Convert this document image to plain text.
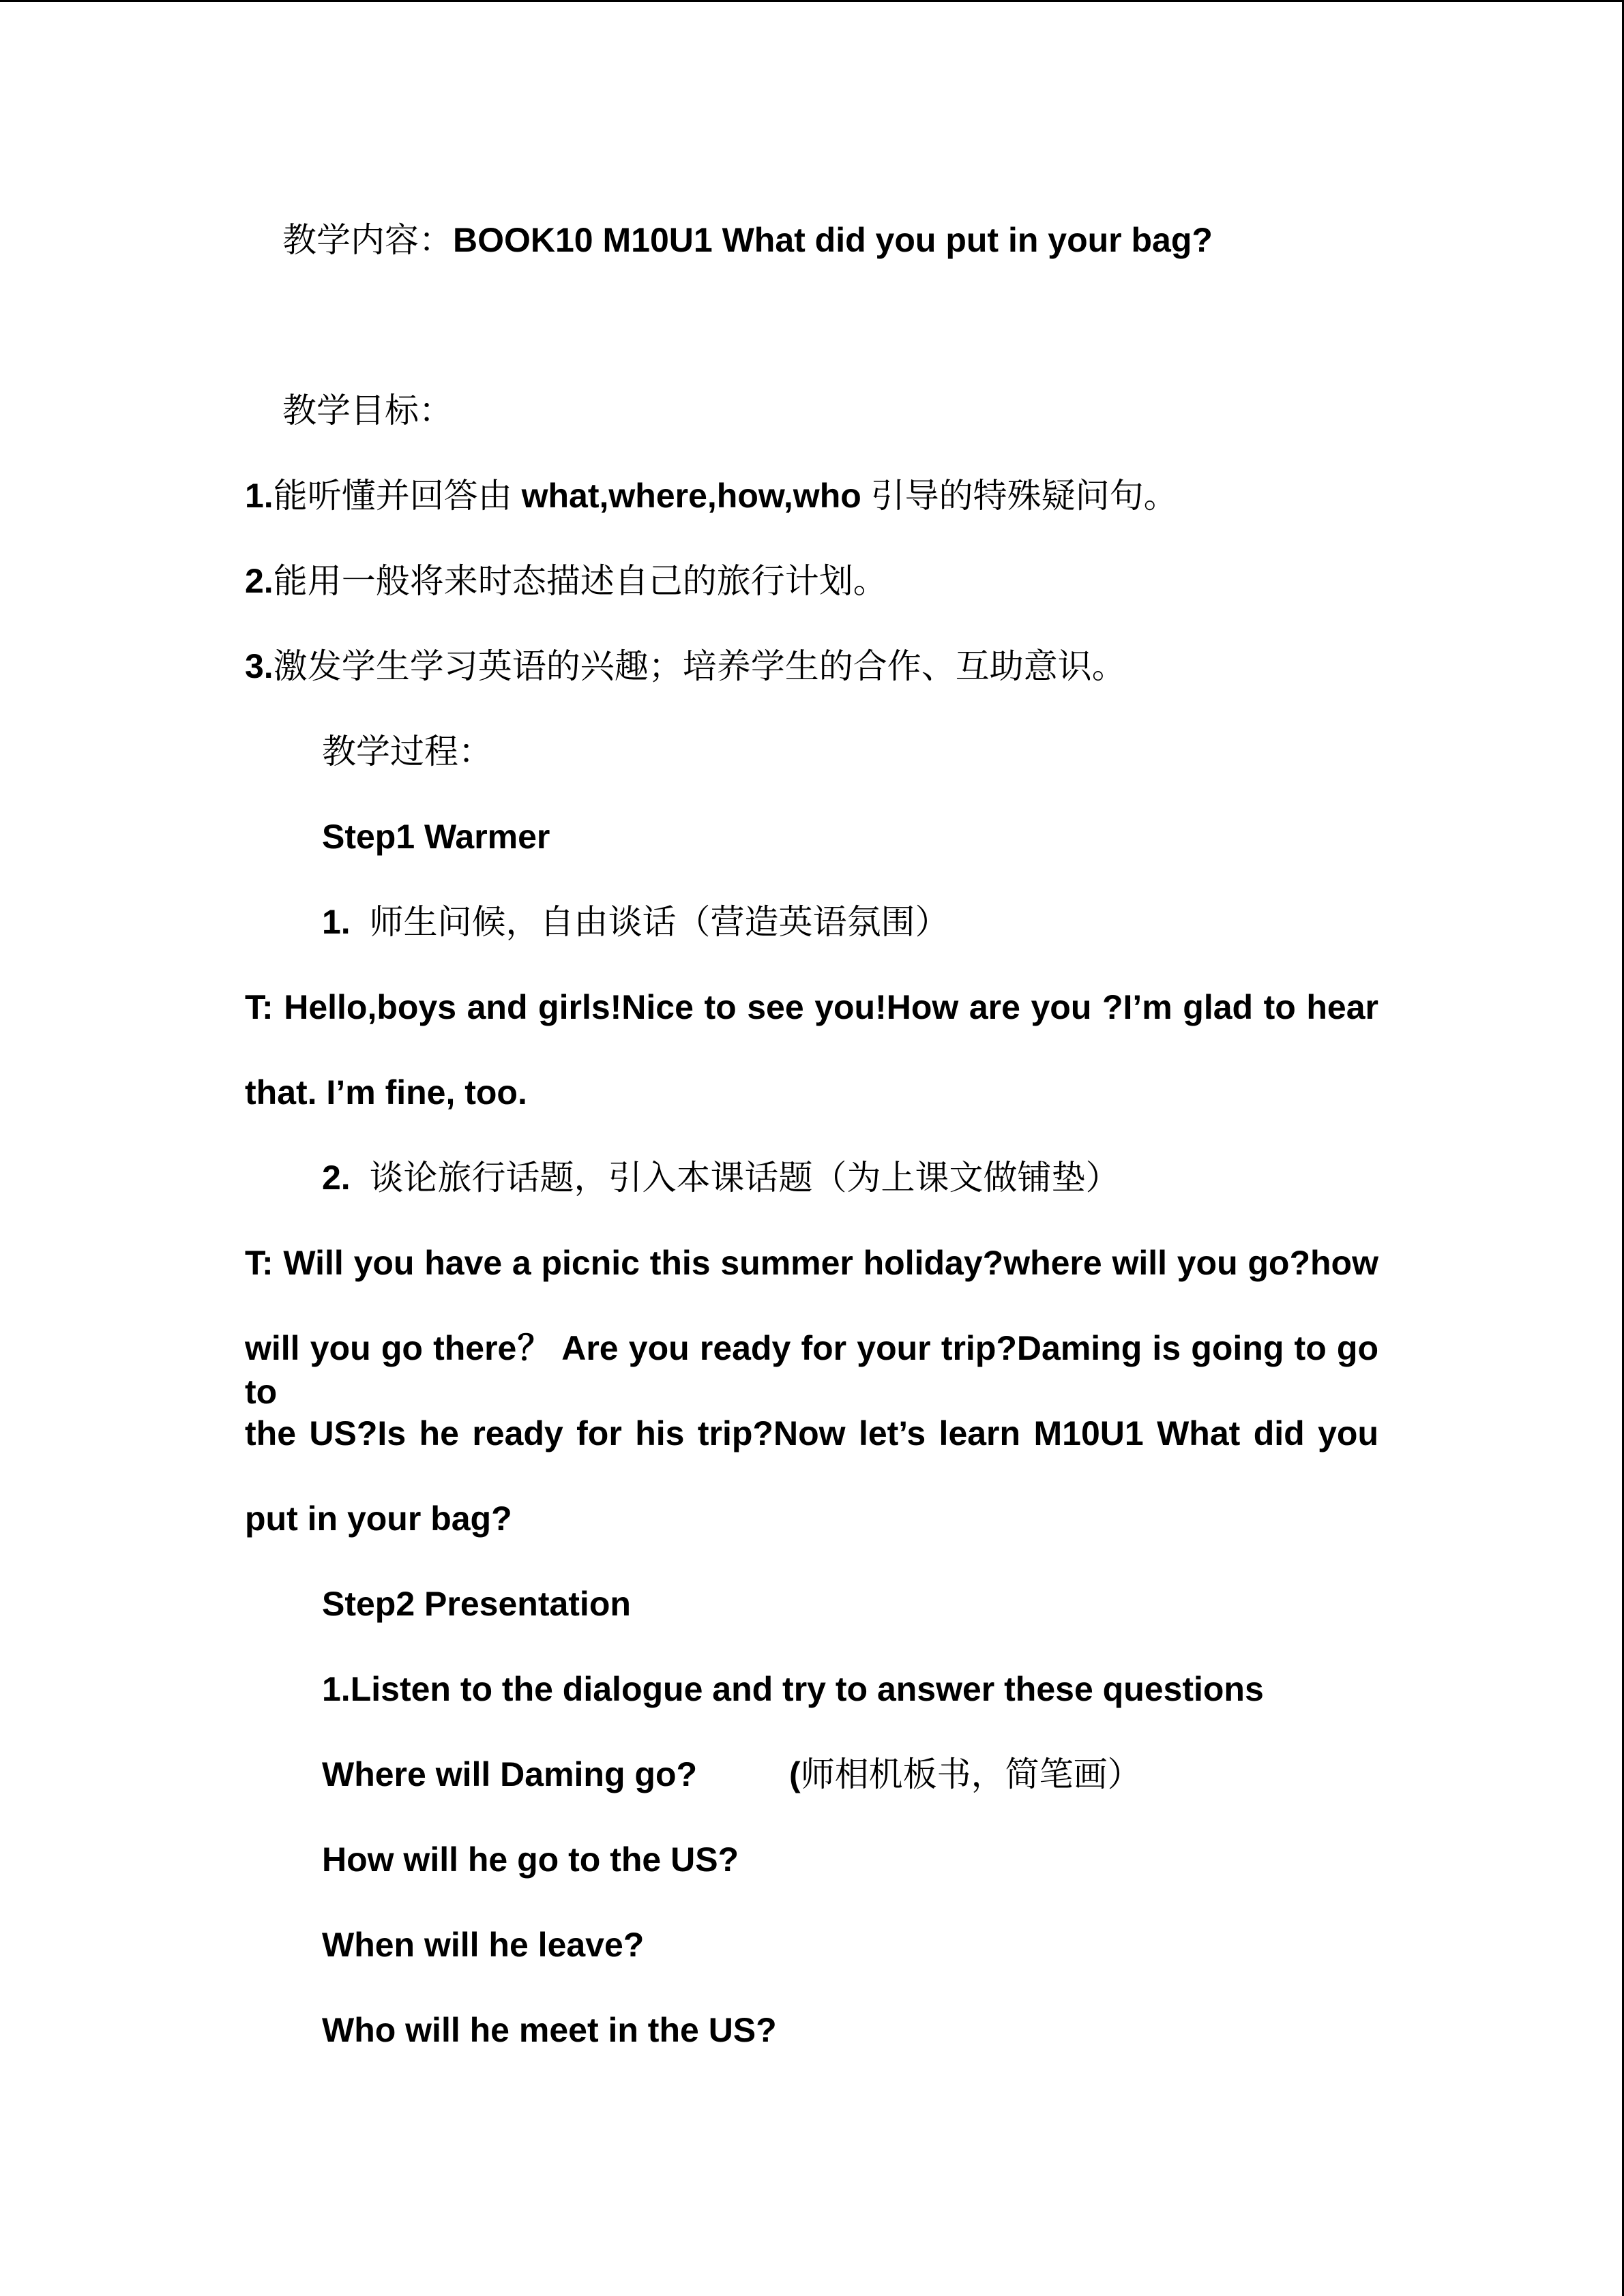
教学内容：BOOK10 M10U1 What did you put in your bag?
教学目标：
1.能听懂并回答由 what,where,how,who 引导的特殊疑问句。
2.能用一般将来时态描述自己的旅行计划。
3.激发学生学习英语的兴趣；培养学生的合作、互助意识。
教学过程：
Step1 Warmer
1. 师生问候，自由谈话（营造英语氛围）
T: Hello,boys and girls!Nice to see you!How are you ?I’m glad to hear
that. I’m fine, too.
2. 谈论旅行话题，引入本课话题（为上课文做铺垫）
T: Will you have a picnic this summer holiday?where will you go?how
will you go there？ Are you ready for your trip?Daming is going to go to
the US?Is he ready for his trip?Now let’s learn M10U1 What did you
put in your bag?
Step2 Presentation
1.Listen to the dialogue and try to answer these questions
Where will Daming go?	(师相机板书，简笔画）
How will he go to the US?
When will he leave?
Who will he meet in the US?
